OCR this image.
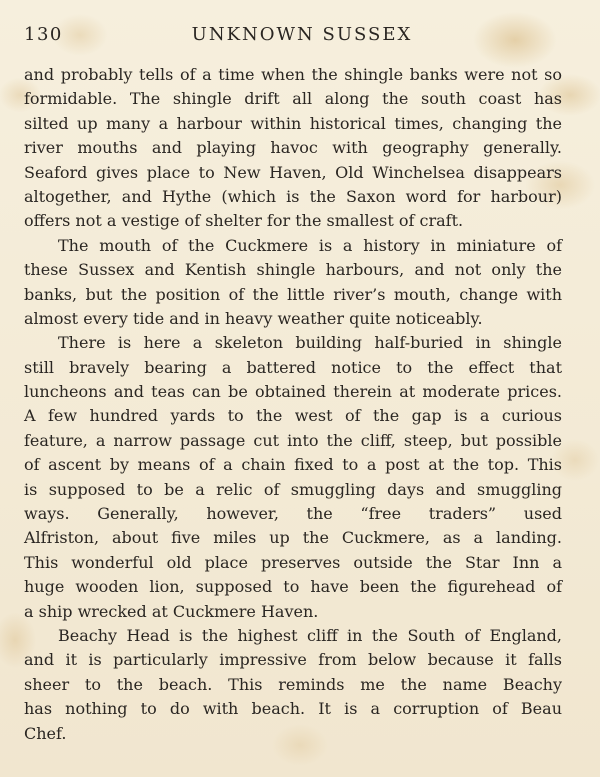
130	UNKNOWN SUSSEX
and probably tells of a time when the shingle banks were not so
formidable. The shingle drift all along the south coast has
silted up many a harbour within historical times, changing the
river mouths and playing havoc with geography generally.
Seaford gives place to New Haven, Old Winchelsea disappears
altogether, and Hythe (which is the Saxon word for harbour)
offers not a vestige of shelter for the smallest of craft.
The mouth of the Cuckmere is a history in miniature of
these Sussex and Kentish shingle harbours, and not only the
banks, but the position of the little river’s mouth, change with
almost every tide and in heavy weather quite noticeably.
There is here a skeleton building half-buried in shingle
still bravely bearing a battered notice to the effect that
luncheons and teas can be obtained therein at moderate prices.
A few hundred yards to the west of the gap is a curious
feature, a narrow passage cut into the cliff, steep, but possible
of ascent by means of a chain fixed to a post at the top. This
is supposed to be a relic of smuggling days and smuggling
ways. Generally, however, the “free traders” used
Alfriston, about five miles up the Cuckmere, as a landing.
This wonderful old place preserves outside the Star Inn a
huge wooden lion, supposed to have been the figurehead of
a ship wrecked at Cuckmere Haven.
Beachy Head is the highest cliff in the South of England,
and it is particularly impressive from below because it falls
sheer to the beach. This reminds me the name Beachy
has nothing to do with beach. It is a corruption of Beau
Chef.
